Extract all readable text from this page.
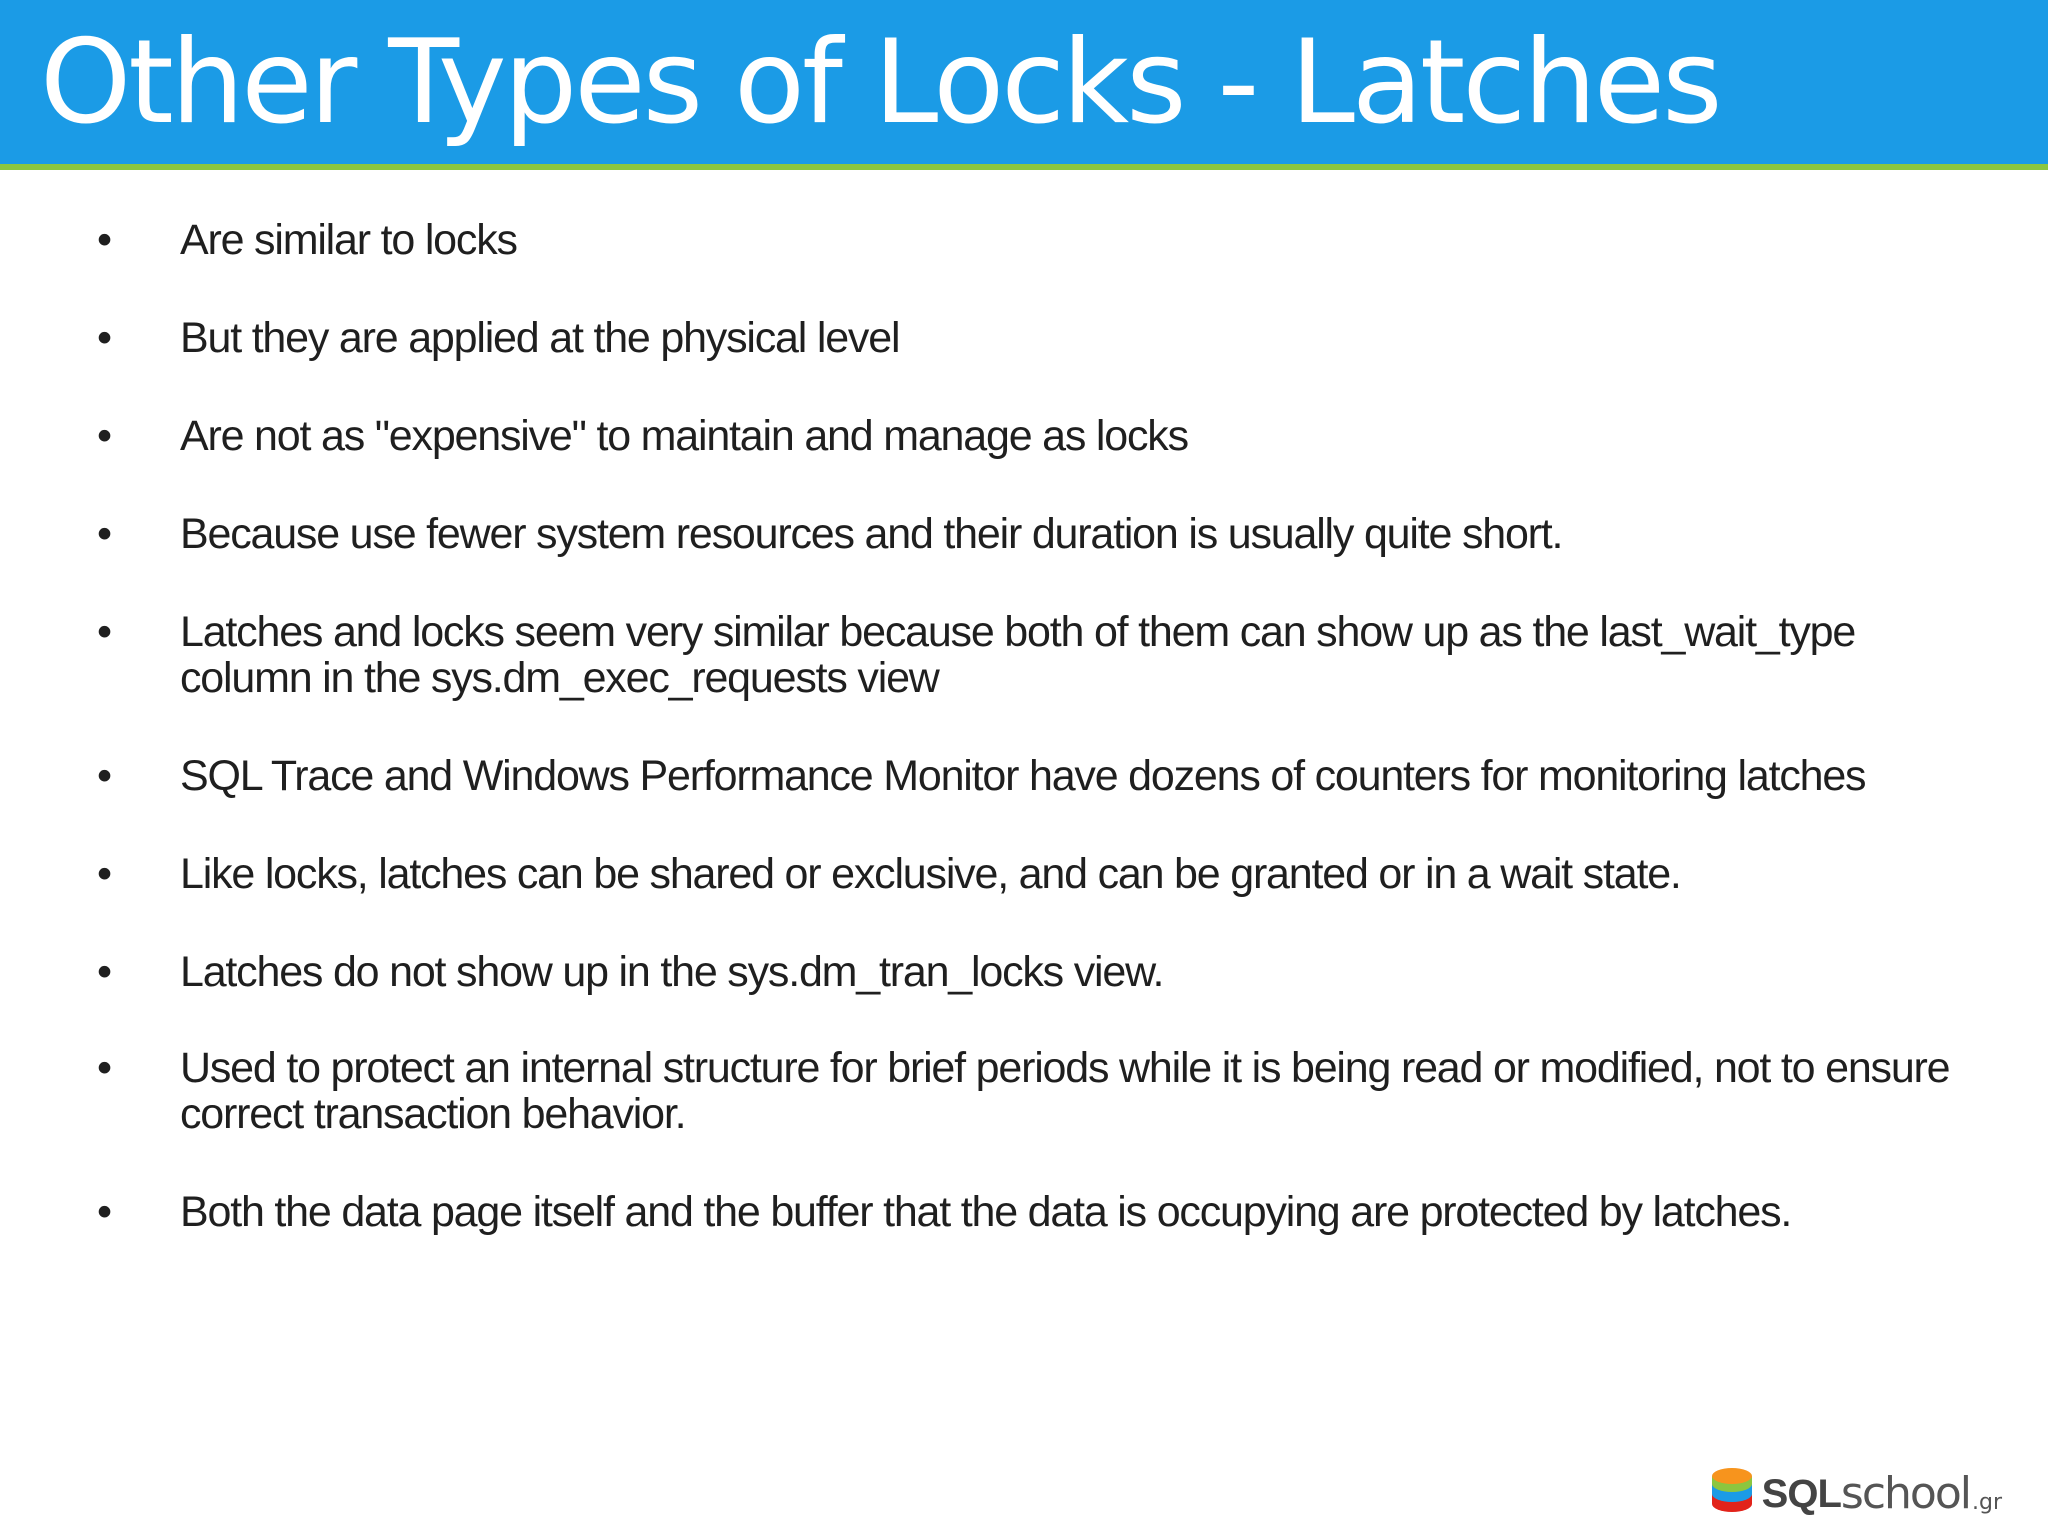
Other Types of Locks - Latches
• Are similar to locks
• But they are applied at the physical level
• Are not as "expensive" to maintain and manage as locks
• Because use fewer system resources and their duration is usually quite short.
• Latches and locks seem very similar because both of them can show up as the last_wait_type column in the sys.dm_exec_requests view
• SQL Trace and Windows Performance Monitor have dozens of counters for monitoring latches
• Like locks, latches can be shared or exclusive, and can be granted or in a wait state.
• Latches do not show up in the sys.dm_tran_locks view.
• Used to protect an internal structure for brief periods while it is being read or modified, not to ensure correct transaction behavior.
• Both the data page itself and the buffer that the data is occupying are protected by latches.
SQL school .gr
